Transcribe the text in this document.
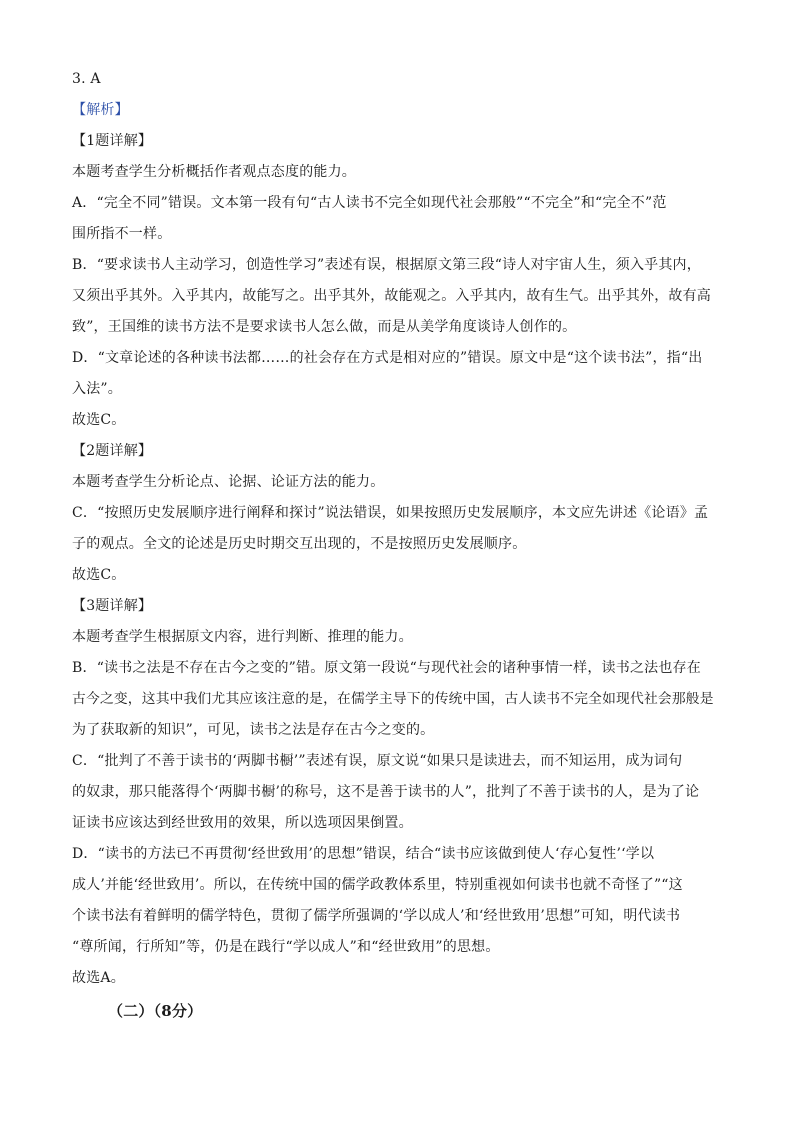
3. A
【解析】
【1题详解】
本题考查学生分析概括作者观点态度的能力。
A．“完全不同”错误。文本第一段有句“古人读书不完全如现代社会那般”“不完全”和“完全不”范
围所指不一样。
B．“要求读书人主动学习，创造性学习”表述有误，根据原文第三段“诗人对宇宙人生，须入乎其内，
又须出乎其外。入乎其内，故能写之。出乎其外，故能观之。入乎其内，故有生气。出乎其外，故有高
致”，王国维的读书方法不是要求读书人怎么做，而是从美学角度谈诗人创作的。
D．“文章论述的各种读书法都……的社会存在方式是相对应的”错误。原文中是“这个读书法”，指“出
入法”。
故选C。
【2题详解】
本题考查学生分析论点、论据、论证方法的能力。
C．“按照历史发展顺序进行阐释和探讨”说法错误，如果按照历史发展顺序，本文应先讲述《论语》孟
子的观点。全文的论述是历史时期交互出现的，不是按照历史发展顺序。
故选C。
【3题详解】
本题考查学生根据原文内容，进行判断、推理的能力。
B．“读书之法是不存在古今之变的”错。原文第一段说“与现代社会的诸种事情一样，读书之法也存在
古今之变，这其中我们尤其应该注意的是，在儒学主导下的传统中国，古人读书不完全如现代社会那般是
为了获取新的知识”，可见，读书之法是存在古今之变的。
C．“批判了不善于读书的‘两脚书橱’”表述有误，原文说“如果只是读进去，而不知运用，成为词句
的奴隶，那只能落得个‘两脚书橱’的称号，这不是善于读书的人”，批判了不善于读书的人，是为了论
证读书应该达到经世致用的效果，所以选项因果倒置。
D．“读书的方法已不再贯彻‘经世致用’的思想”错误，结合“读书应该做到使人‘存心复性’‘学以
成人’并能‘经世致用’。所以，在传统中国的儒学政教体系里，特别重视如何读书也就不奇怪了”“这
个读书法有着鲜明的儒学特色，贯彻了儒学所强调的‘学以成人’和‘经世致用’思想”可知，明代读书
“尊所闻，行所知”等，仍是在践行“学以成人”和“经世致用”的思想。
故选A。
（二）（8分）
